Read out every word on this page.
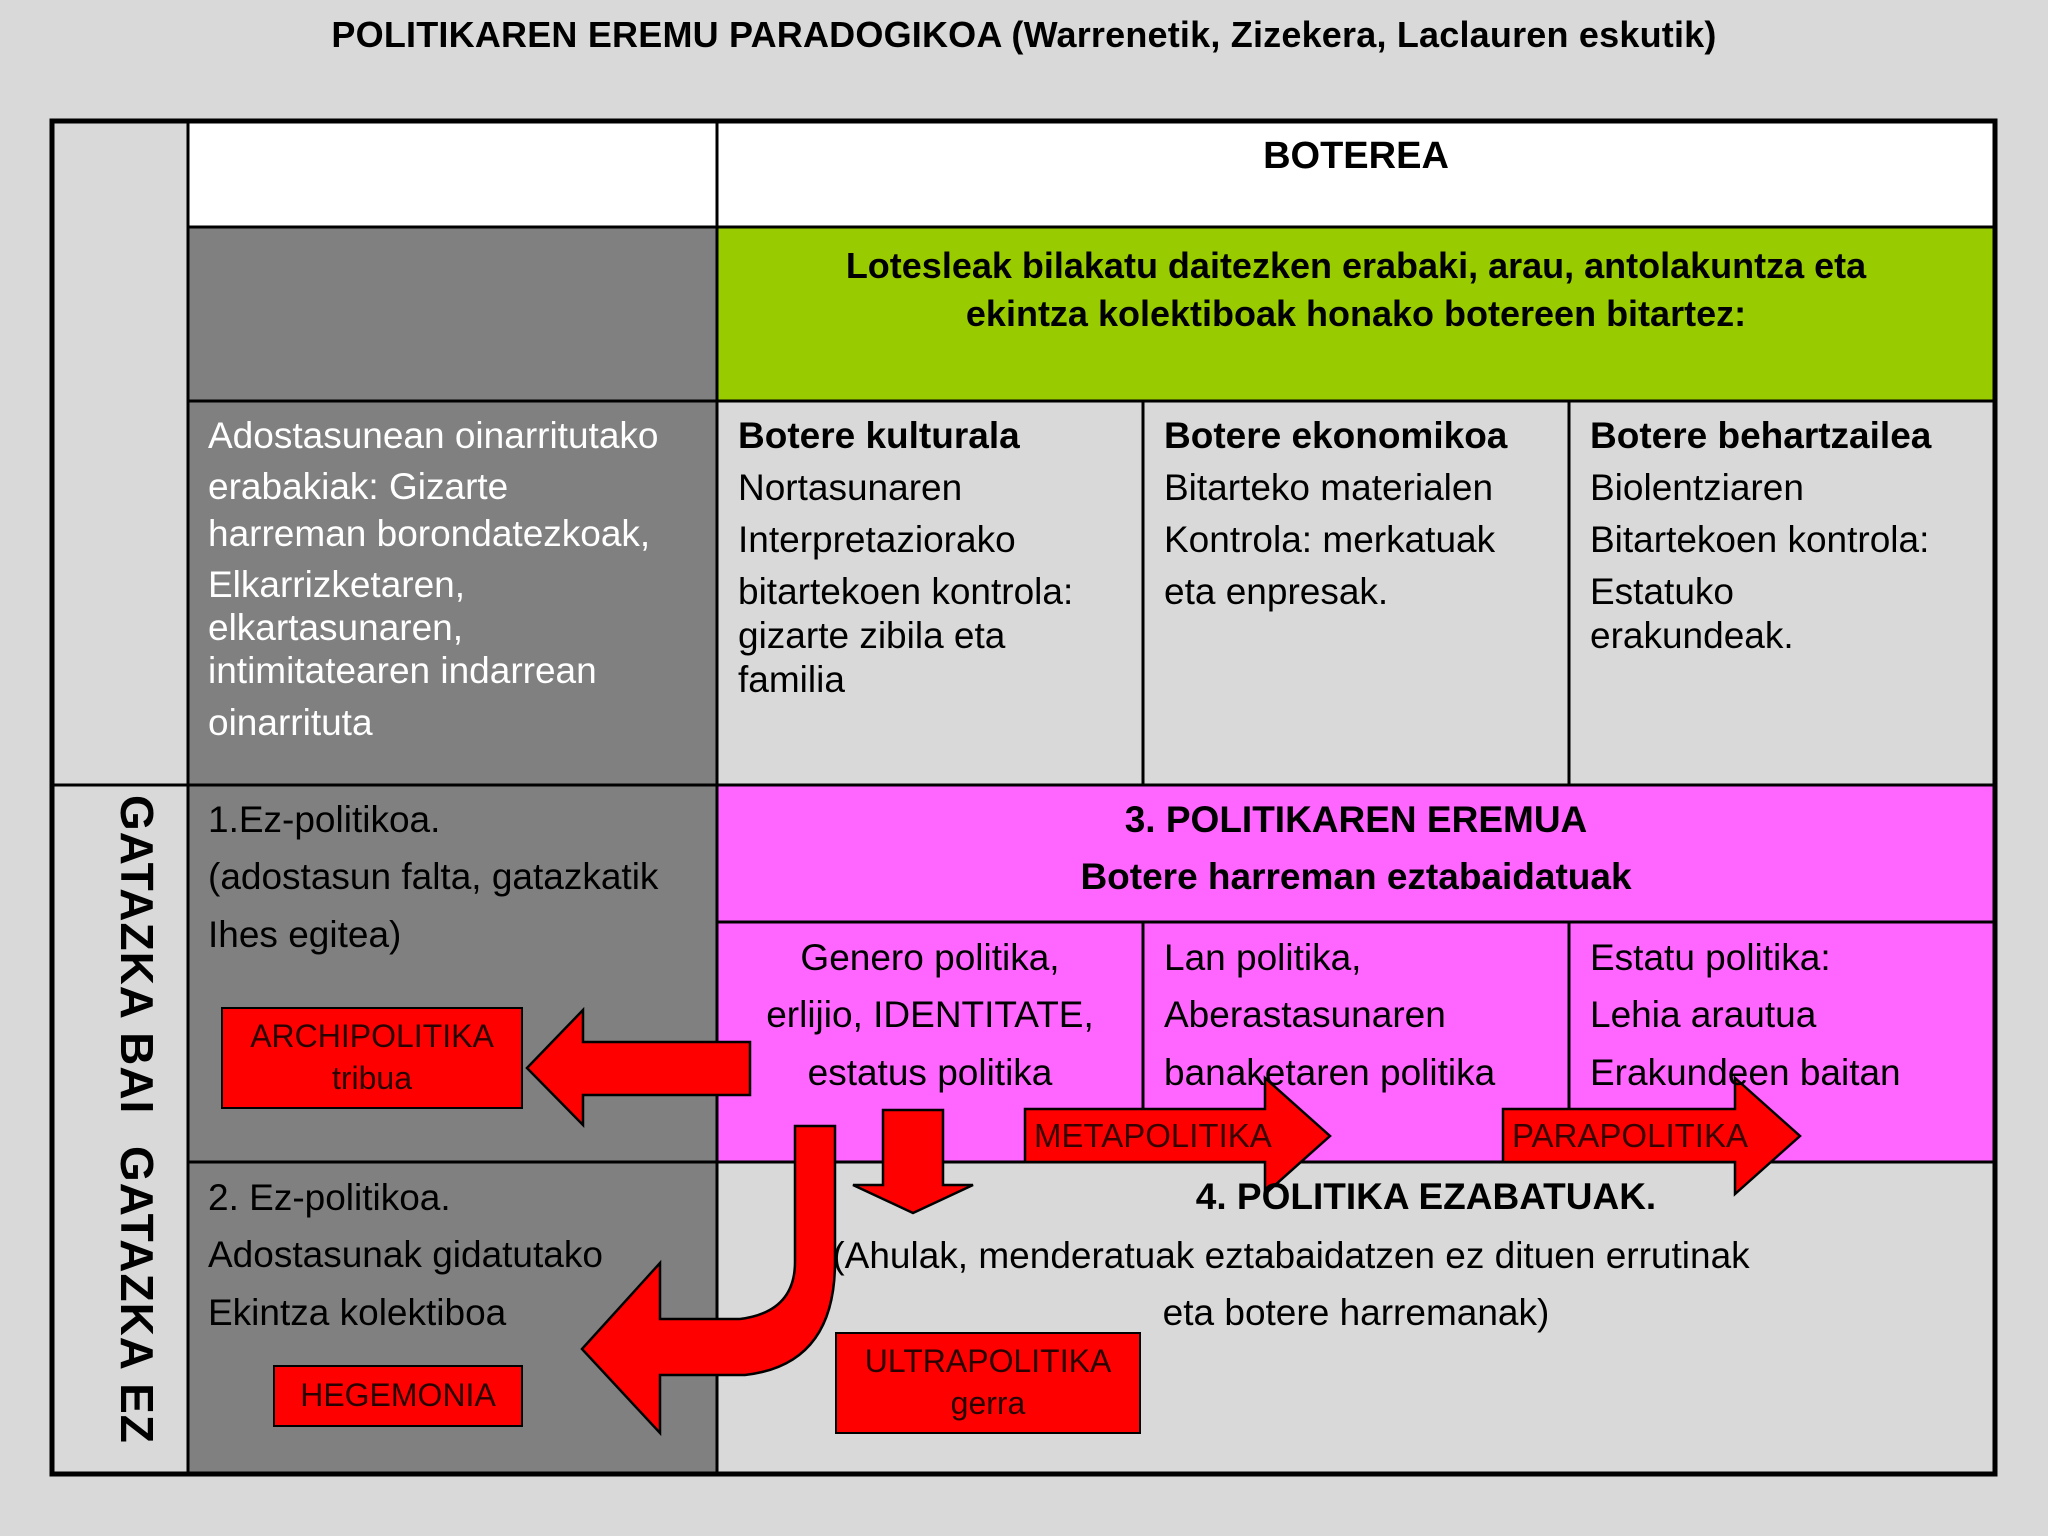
POLITIKAREN EREMU PARADOGIKOA (Warrenetik, Zizekera, Laclauren eskutik)
BOTEREA
Lotesleak bilakatu daitezken erabaki, arau, antolakuntza eta
ekintza kolektiboak honako botereen bitartez:
Adostasunean oinarritutako
erabakiak: Gizarte
harreman borondatezkoak,
Elkarrizketaren,
elkartasunaren,
intimitatearen indarrean
oinarrituta
Botere kulturala
Nortasunaren
Interpretaziorako
bitartekoen kontrola:
gizarte zibila eta
familia
Botere ekonomikoa
Bitarteko materialen
Kontrola: merkatuak
eta enpresak.
Botere behartzailea
Biolentziaren
Bitartekoen kontrola:
Estatuko
erakundeak.
GATAZKA BAI
GATAZKA EZ
1.Ez-politikoa.
(adostasun falta, gatazkatik
Ihes egitea)
2. Ez-politikoa.
Adostasunak gidatutako
Ekintza kolektiboa
3. POLITIKAREN EREMUA
Botere harreman eztabaidatuak
Genero politika,
erlijio, IDENTITATE,
estatus politika
Lan politika,
Aberastasunaren
banaketaren politika
Estatu politika:
Lehia arautua
Erakundeen baitan
4. POLITIKA EZABATUAK.
(Ahulak, menderatuak eztabaidatzen ez dituen errutinak
eta botere harremanak)
ARCHIPOLITIKA
tribua
HEGEMONIA
ULTRAPOLITIKA
gerra
METAPOLITIKA	PARAPOLITIKA
